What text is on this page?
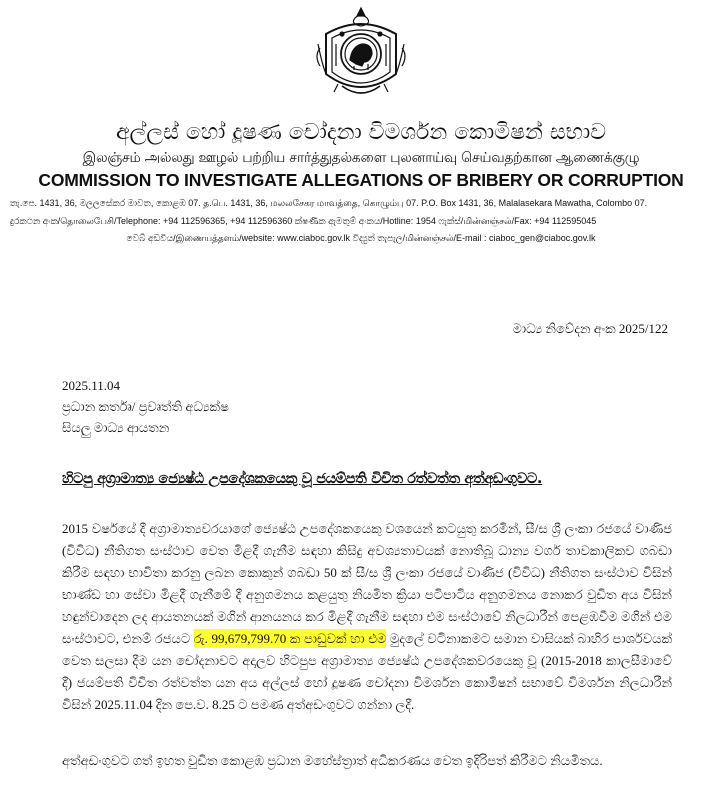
අල්ලස් හෝ දූෂණ චෝදනා විමර්ශන කොමිෂන් සභාව
இலஞ்சம் அல்லது ஊழல் பற்றிய சார்த்துதல்களை புலனாய்வு செய்வதற்கான ஆணைக்குழு
COMMISSION TO INVESTIGATE ALLEGATIONS OF BRIBERY OR CORRUPTION
තැ.පෙ. 1431, 36, මලලසේකර මාවත, කොළඹ 07. த.பெ. 1431, 36, மலலசேகர மாவத்தை, கொழும்பு 07. P.O. Box 1431, 36, Malalasekara Mawatha, Colombo 07.
දුරකථන අංක/தொலைபேசி/Telephone: +94 112596365, +94 112596360 ක්ෂණික ඇමතුම් අංකය/Hotline: 1954 ෆැක්ස්/மின்னஞ்சல்/Fax: +94 112595045
වෙබ් අඩවිය/இணையத்தளம்/website: www.ciaboc.gov.lk විද්‍යුත් තැපැල/மின்னஞ்சல்/E-mail : ciaboc_gen@ciaboc.gov.lk
මාධ්‍ය නිවේදන අංක 2025/122
2025.11.04
ප්‍රධාන කර්තෘ/ ප්‍රවෘත්ති අධ්‍යක්ෂ
සියලු මාධ්‍ය ආයතන
හිටපු අග්‍රාමාත්‍ය ජ්‍යෙෂ්ඨ උපදේශකයෙකු වූ ජයම්පති විචිත රත්වත්ත අත්අඩංගුවට.
2015 වර්ෂයේ දී අග්‍රාමාත්‍යවරයාගේ ජ්‍යෙෂ්ඨ උපදේශකයෙකු වශයෙන් කටයුතු කරමින්, සී/ස ශ්‍රී ලංකා රජයේ වාණිජ (විවිධ) නීතිගත සංස්ථාව වෙත මිළදී ගැනීම සඳහා කිසිදු අවශ්‍යතාවයක් නොතිබූ ධාන්‍ය වර්ග තාවකාලිකව ගබඩා කිරීම සඳහා භාවිතා කරනු ලබන කොකුන් ගබඩා 50 ක් සී/ස ශ්‍රී ලංකා රජයේ වාණිජ (විවිධ) නීතිගත සංස්ථාව විසින් භාණ්ඩ හා සේවා මිළදී ගැනීමේ දී අනුගමනය කළයුතු නියමිත ක්‍රියා පටිපාටිය අනුගමනය නොකර වුඩිත අය විසින් හඳුන්වාදෙන ලද ආයතනයක් මගින් ආනයනය කර මිළදී ගැනීම සඳහා එම සංස්ථාවේ නිලධාරීන් පෙළඹවීම මගින් එම සංස්ථාවට, එනම් රජයට රු. 99,679,799.70 ක පාඩුවක් හා එම මුදලේ වටිනාකමට සමාන වාසියක් බාහිර පාර්ශවයක් වෙත සලසා දීම යන චෝදනාවට අදාලව හිටපුප අග්‍රාමාත්‍ය ජ්‍යෙෂ්ඨ උපදේශකවරයෙකු වූ (2015-2018 කාලසීමාවේ දී) ජයම්පති විචිත රත්වත්ත යන අය අල්ලස් හෝ දූෂණ චෝදනා විමර්ශන කොමිෂන් සභාවේ විමර්ශන නිලධාරීන් විසින් 2025.11.04 දින පෙ.ව. 8.25 ට පමණ අත්අඩංගුවට ගන්නා ලදී.
අත්අඩංගුවට ගත් ඉහත වුඩිත කොළඹ ප්‍රධාන මහේස්ත්‍රාත් අධිකරණය වෙත ඉදිරිපත් කිරීමට නියමිතය.
